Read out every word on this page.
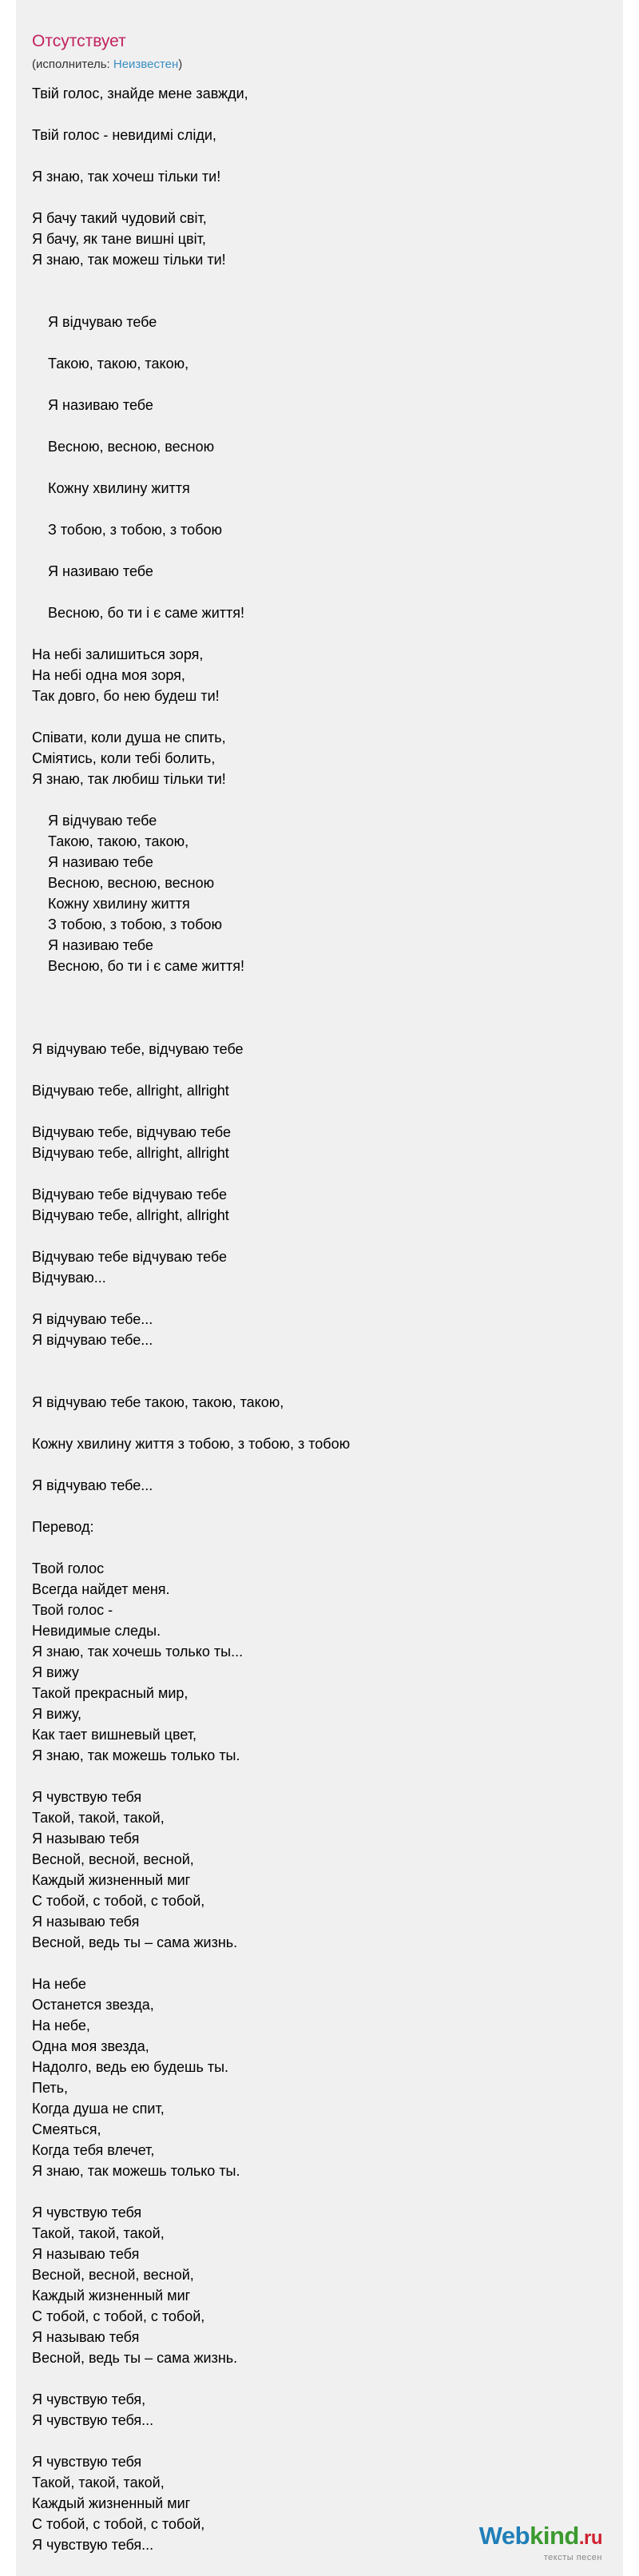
Отсутствует
(исполнитель: Неизвестен)
Твій голос, знайде мене завжди,

Твій голос - невидимі сліди,

Я знаю, так хочеш тільки ти!

Я бачу такий чудовий світ,
Я бачу, як тане вишні цвіт,
Я знаю, так можеш тільки ти!

Я відчуваю тебе

Такою, такою, такою,

Я називаю тебе

Весною, весною, весною

Кожну хвилину життя

З тобою, з тобою, з тобою

Я називаю тебе

Весною, бо ти і є саме життя!

На небі залишиться зоря,
На небі одна моя зоря,
Так довго, бо нею будеш ти!

Співати, коли душа не спить,
Сміятись, коли тебі болить,
Я знаю, так любиш тільки ти!

Я відчуваю тебе
Такою, такою, такою,
Я називаю тебе
Весною, весною, весною
Кожну хвилину життя
З тобою, з тобою, з тобою
Я називаю тебе
Весною, бо ти і є саме життя!

Я відчуваю тебе, відчуваю тебе

Відчуваю тебе, allright, allright

Відчуваю тебе, відчуваю тебе
Відчуваю тебе, allright, allright

Відчуваю тебе відчуваю тебе
Відчуваю тебе, allright, allright

Відчуваю тебе відчуваю тебе
Відчуваю...

Я відчуваю тебе...
Я відчуваю тебе...

Я відчуваю тебе такою, такою, такою,

Кожну хвилину життя з тобою, з тобою, з тобою

Я відчуваю тебе...

Перевод:

Твой голос
Всегда найдет меня.
Твой голос -
Невидимые следы.
Я знаю, так хочешь только ты...
Я вижу
Такой прекрасный мир,
Я вижу,
Как тает вишневый цвет,
Я знаю, так можешь только ты.

Я чувствую тебя
Такой, такой, такой,
Я называю тебя
Весной, весной, весной,
Каждый жизненный миг
С тобой, с тобой, с тобой,
Я называю тебя
Весной, ведь ты – сама жизнь.

На небе
Останется звезда,
На небе,
Одна моя звезда,
Надолго, ведь ею будешь ты.
Петь,
Когда душа не спит,
Смеяться,
Когда тебя влечет,
Я знаю, так можешь только ты.

Я чувствую тебя
Такой, такой, такой,
Я называю тебя
Весной, весной, весной,
Каждый жизненный миг
С тобой, с тобой, с тобой,
Я называю тебя
Весной, ведь ты – сама жизнь.

Я чувствую тебя,
Я чувствую тебя...

Я чувствую тебя
Такой, такой, такой,
Каждый жизненный миг
С тобой, с тобой, с тобой,
Я чувствую тебя...	Webkind.ru
тексты песен
